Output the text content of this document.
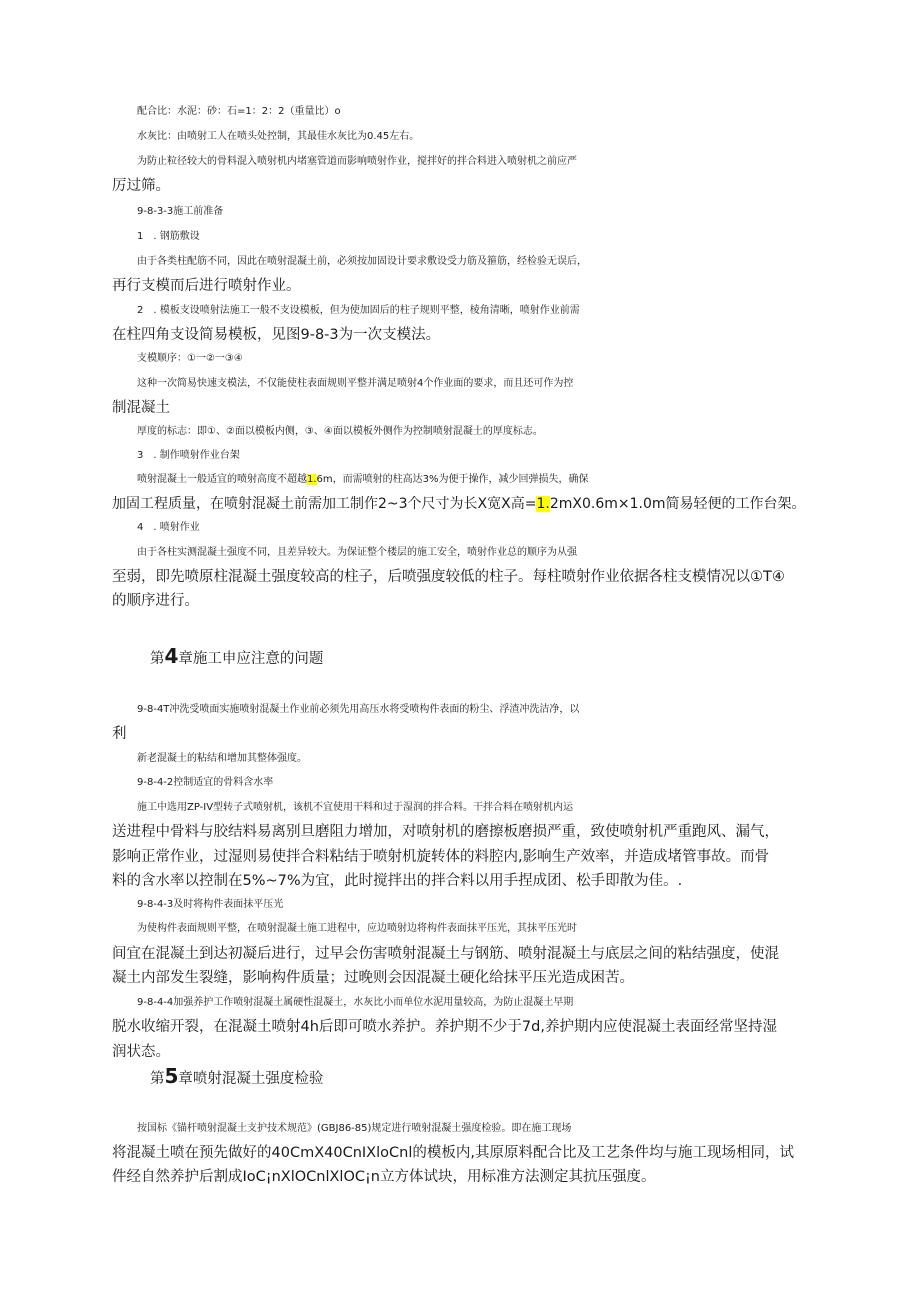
配合比：水泥：砂：石=1：2：2（重量比）o

水灰比：由喷射工人在喷头处控制，其最佳水灰比为0.45左右。

为防止粒径较大的骨料混入喷射机内堵塞管道而影响喷射作业，搅拌好的拌合料进入喷射机之前应严

厉过筛。

9-8-3-3施工前准备

1　. 钢筋敷设

由于各类柱配筋不同，因此在喷射混凝土前，必须按加固设计要求敷设受力筋及箍筋，经检验无误后，

再行支模而后进行喷射作业。

2　. 模板支设喷射法施工一般不支设模板，但为使加固后的柱子规则平整，棱角清晰，喷射作业前需

在柱四角支设简易模板，见图9-8-3为一次支模法。

支模顺序：①一②一③④

这种一次简易快速支模法，不仅能使柱表面规则平整并满足喷射4个作业面的要求，而且还可作为控

制混凝土

厚度的标志：即①、②面以模板内侧，③、④面以模板外侧作为控制喷射混凝土的厚度标志。

3　. 制作喷射作业台架

喷射混凝土一般适宜的喷射高度不超越1.6m，而需喷射的柱高达3%为便于操作，减少回弹损失，确保

加固工程质量，在喷射混凝土前需加工制作2~3个尺寸为长X宽X高=1.2mX0.6m×1.0m简易轻便的工作台架。

4　. 喷射作业

由于各柱实测混凝土强度不同，且差异较大。为保证整个楼层的施工安全，喷射作业总的顺序为从强

至弱，即先喷原柱混凝土强度较高的柱子，后喷强度较低的柱子。每柱喷射作业依据各柱支模情况以①T④

的顺序进行。

第4章施工申应注意的问题

9-8-4T冲洗受喷面实施喷射混凝土作业前必须先用高压水将受喷构件表面的粉尘、浮渣冲洗洁净，以

利

新老混凝土的粘结和增加其整体强度。

9-8-4-2控制适宜的骨料含水率

施工中选用ZP-IV型转子式喷射机，该机不宜使用干料和过于湿润的拌合料。干拌合料在喷射机内运

送进程中骨料与胶结料易离别旦磨阻力增加，对喷射机的磨擦板磨损严重，致使喷射机严重跑风、漏气，

影响正常作业，过湿则易使拌合料粘结于喷射机旋转体的料腔内,影响生产效率，并造成堵管事故。而骨

料的含水率以控制在5%~7%为宜，此时搅拌出的拌合料以用手捏成团、松手即散为佳。.

9-8-4-3及时将构件表面抹平压光

为使构件表面规则平整，在喷射混凝土施工进程中，应边喷射边将构件表面抹平压光，其抹平压光时

间宜在混凝土到达初凝后进行，过早会伤害喷射混凝土与钢筋、喷射混凝土与底层之间的粘结强度，使混

凝土内部发生裂缝，影响构件质量；过晚则会因混凝土硬化给抹平压光造成困苦。

9-8-4-4加强养护工作喷射混凝土属硬性混凝土，水灰比小而单位水泥用量较高，为防止混凝土早期

脱水收缩开裂，在混凝土喷射4h后即可喷水养护。养护期不少于7d,养护期内应使混凝土表面经常坚持湿

润状态。

第5章喷射混凝土强度检验

按国标《锚杆喷射混凝土支护技术规范》(GBJ86-85)规定进行喷射混凝土强度检验。即在施工现场

将混凝土喷在预先做好的40CmX40CnIXloCnl的模板内,其原原料配合比及工艺条件均与施工现场相同，试

件经自然养护后割成IoC¡nXlOCnlXlOC¡n立方体试块，用标准方法测定其抗压强度。
